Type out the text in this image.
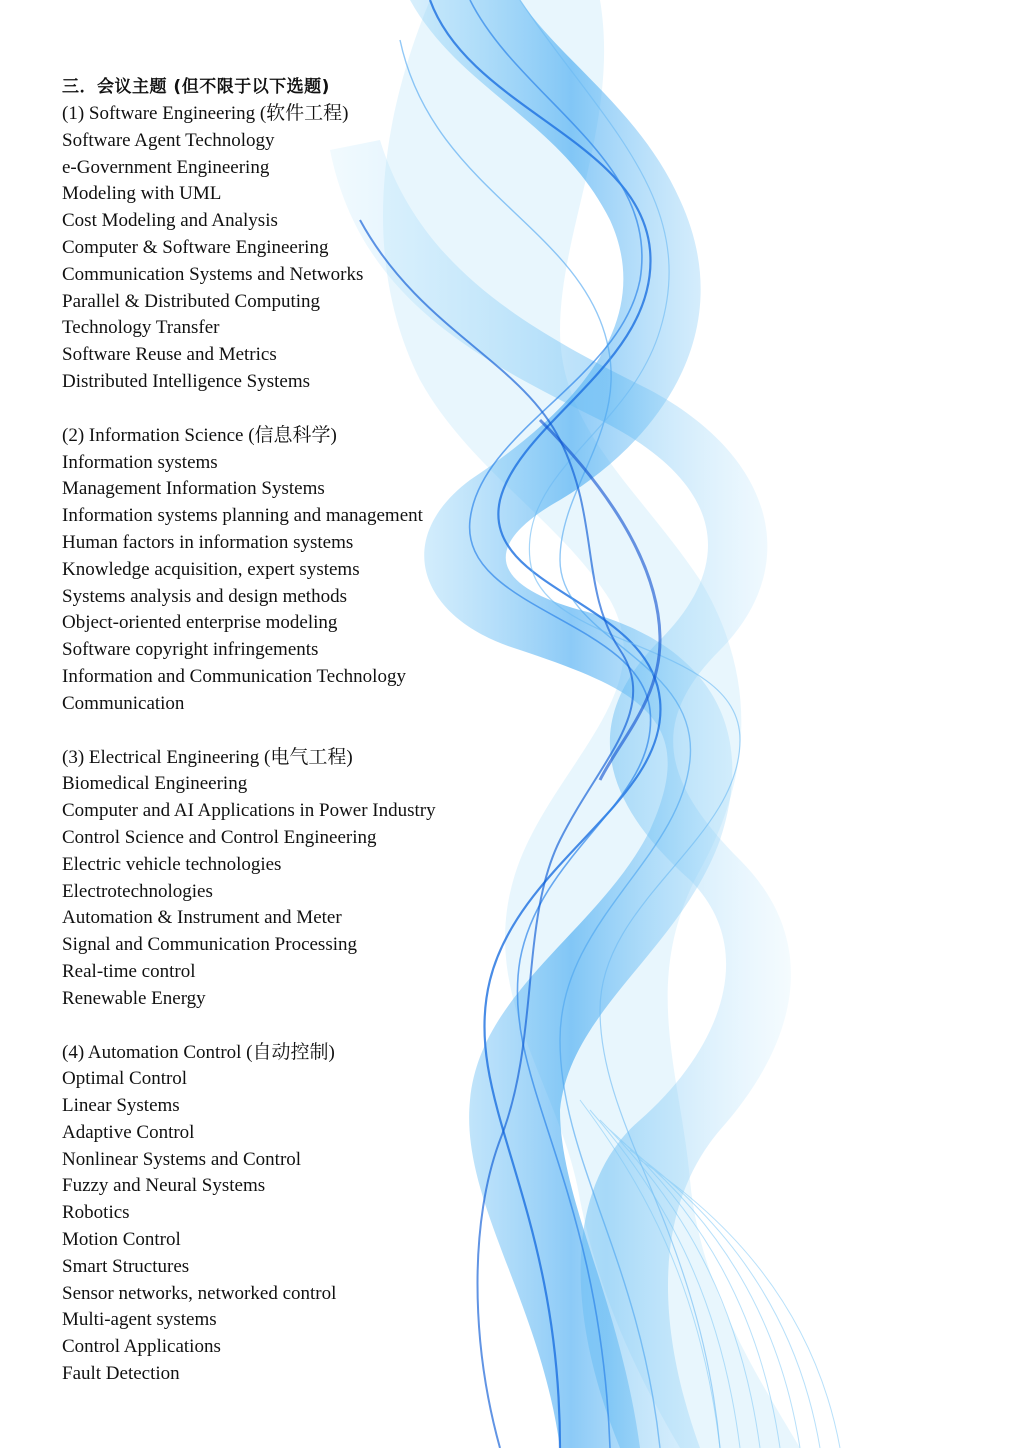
三．会议主题 (但不限于以下选题)
(1) Software Engineering (软件工程)
Software Agent Technology
e-Government Engineering
Modeling with UML
Cost Modeling and Analysis
Computer & Software Engineering
Communication Systems and Networks
Parallel & Distributed Computing
Technology Transfer
Software Reuse and Metrics
Distributed Intelligence Systems
(2) Information Science (信息科学)
Information systems
Management Information Systems
Information systems planning and management
Human factors in information systems
Knowledge acquisition, expert systems
Systems analysis and design methods
Object-oriented enterprise modeling
Software copyright infringements
Information and Communication Technology
Communication
(3) Electrical Engineering (电气工程)
Biomedical Engineering
Computer and AI Applications in Power Industry
Control Science and Control Engineering
Electric vehicle technologies
Electrotechnologies
Automation & Instrument and Meter
Signal and Communication Processing
Real-time control
Renewable Energy
(4) Automation Control (自动控制)
Optimal Control
Linear Systems
Adaptive Control
Nonlinear Systems and Control
Fuzzy and Neural Systems
Robotics
Motion Control
Smart Structures
Sensor networks, networked control
Multi-agent systems
Control Applications
Fault Detection
